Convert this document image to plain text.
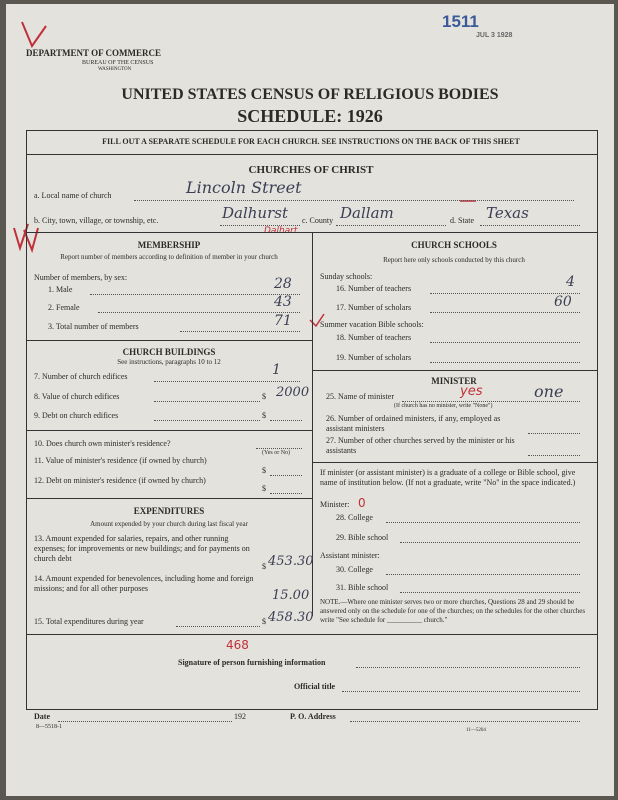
1511
JUL 3 1928
DEPARTMENT OF COMMERCE
BUREAU OF THE CENSUS
WASHINGTON
UNITED STATES CENSUS OF RELIGIOUS BODIES
SCHEDULE: 1926
FILL OUT A SEPARATE SCHEDULE FOR EACH CHURCH. SEE INSTRUCTIONS ON THE BACK OF THIS SHEET
CHURCHES OF CHRIST
a. Local name of church	Lincoln Street
b. City, town, village, or township, etc.	Dalhurst
Dalhart
c. County Dallam	d. State Texas
MEMBERSHIP
Report number of members according to definition of member in your church
Number of members, by sex:
1. Male	28
2. Female	43
3. Total number of members	71
CHURCH BUILDINGS
See instructions, paragraphs 10 to 12
7. Number of church edifices	1
8. Value of church edifices	$ 2000
9. Debt on church edifices	$
10. Does church own minister's residence?
(Yes or No)
11. Value of minister's residence (if owned by church)
$
12. Debt on minister's residence (if owned by church)
$
EXPENDITURES
Amount expended by your church during last fiscal year
13. Amount expended for salaries, repairs, and other running expenses; for improvements or new buildings; and for payments on church debt
$ 453.30
14. Amount expended for benevolences, including home and foreign missions; and for all other purposes	15.00
15. Total expenditures during year	$ 458.30
468
CHURCH SCHOOLS
Report here only schools conducted by this church
Sunday schools:
16. Number of teachers	4
17. Number of scholars	60
Summer vacation Bible schools:
18. Number of teachers
19. Number of scholars
MINISTER
25. Name of minister	yes	one
(If church has no minister, write "None")
26. Number of ordained ministers, if any, employed as assistant ministers
27. Number of other churches served by the minister or his assistants
If minister (or assistant minister) is a graduate of a college or Bible school, give name of institution below. (If not a graduate, write "No" in the space indicated.)
Minister: 0
28. College
29. Bible school
Assistant minister:
30. College
31. Bible school
NOTE.—Where one minister serves two or more churches, Questions 28 and 29 should be answered only on the schedule for one of the churches; on the schedules for the other churches write "See schedule for __________ church."
Signature of person furnishing information
Official title
Date	192	P. O. Address
8—5518-1
11—5204
